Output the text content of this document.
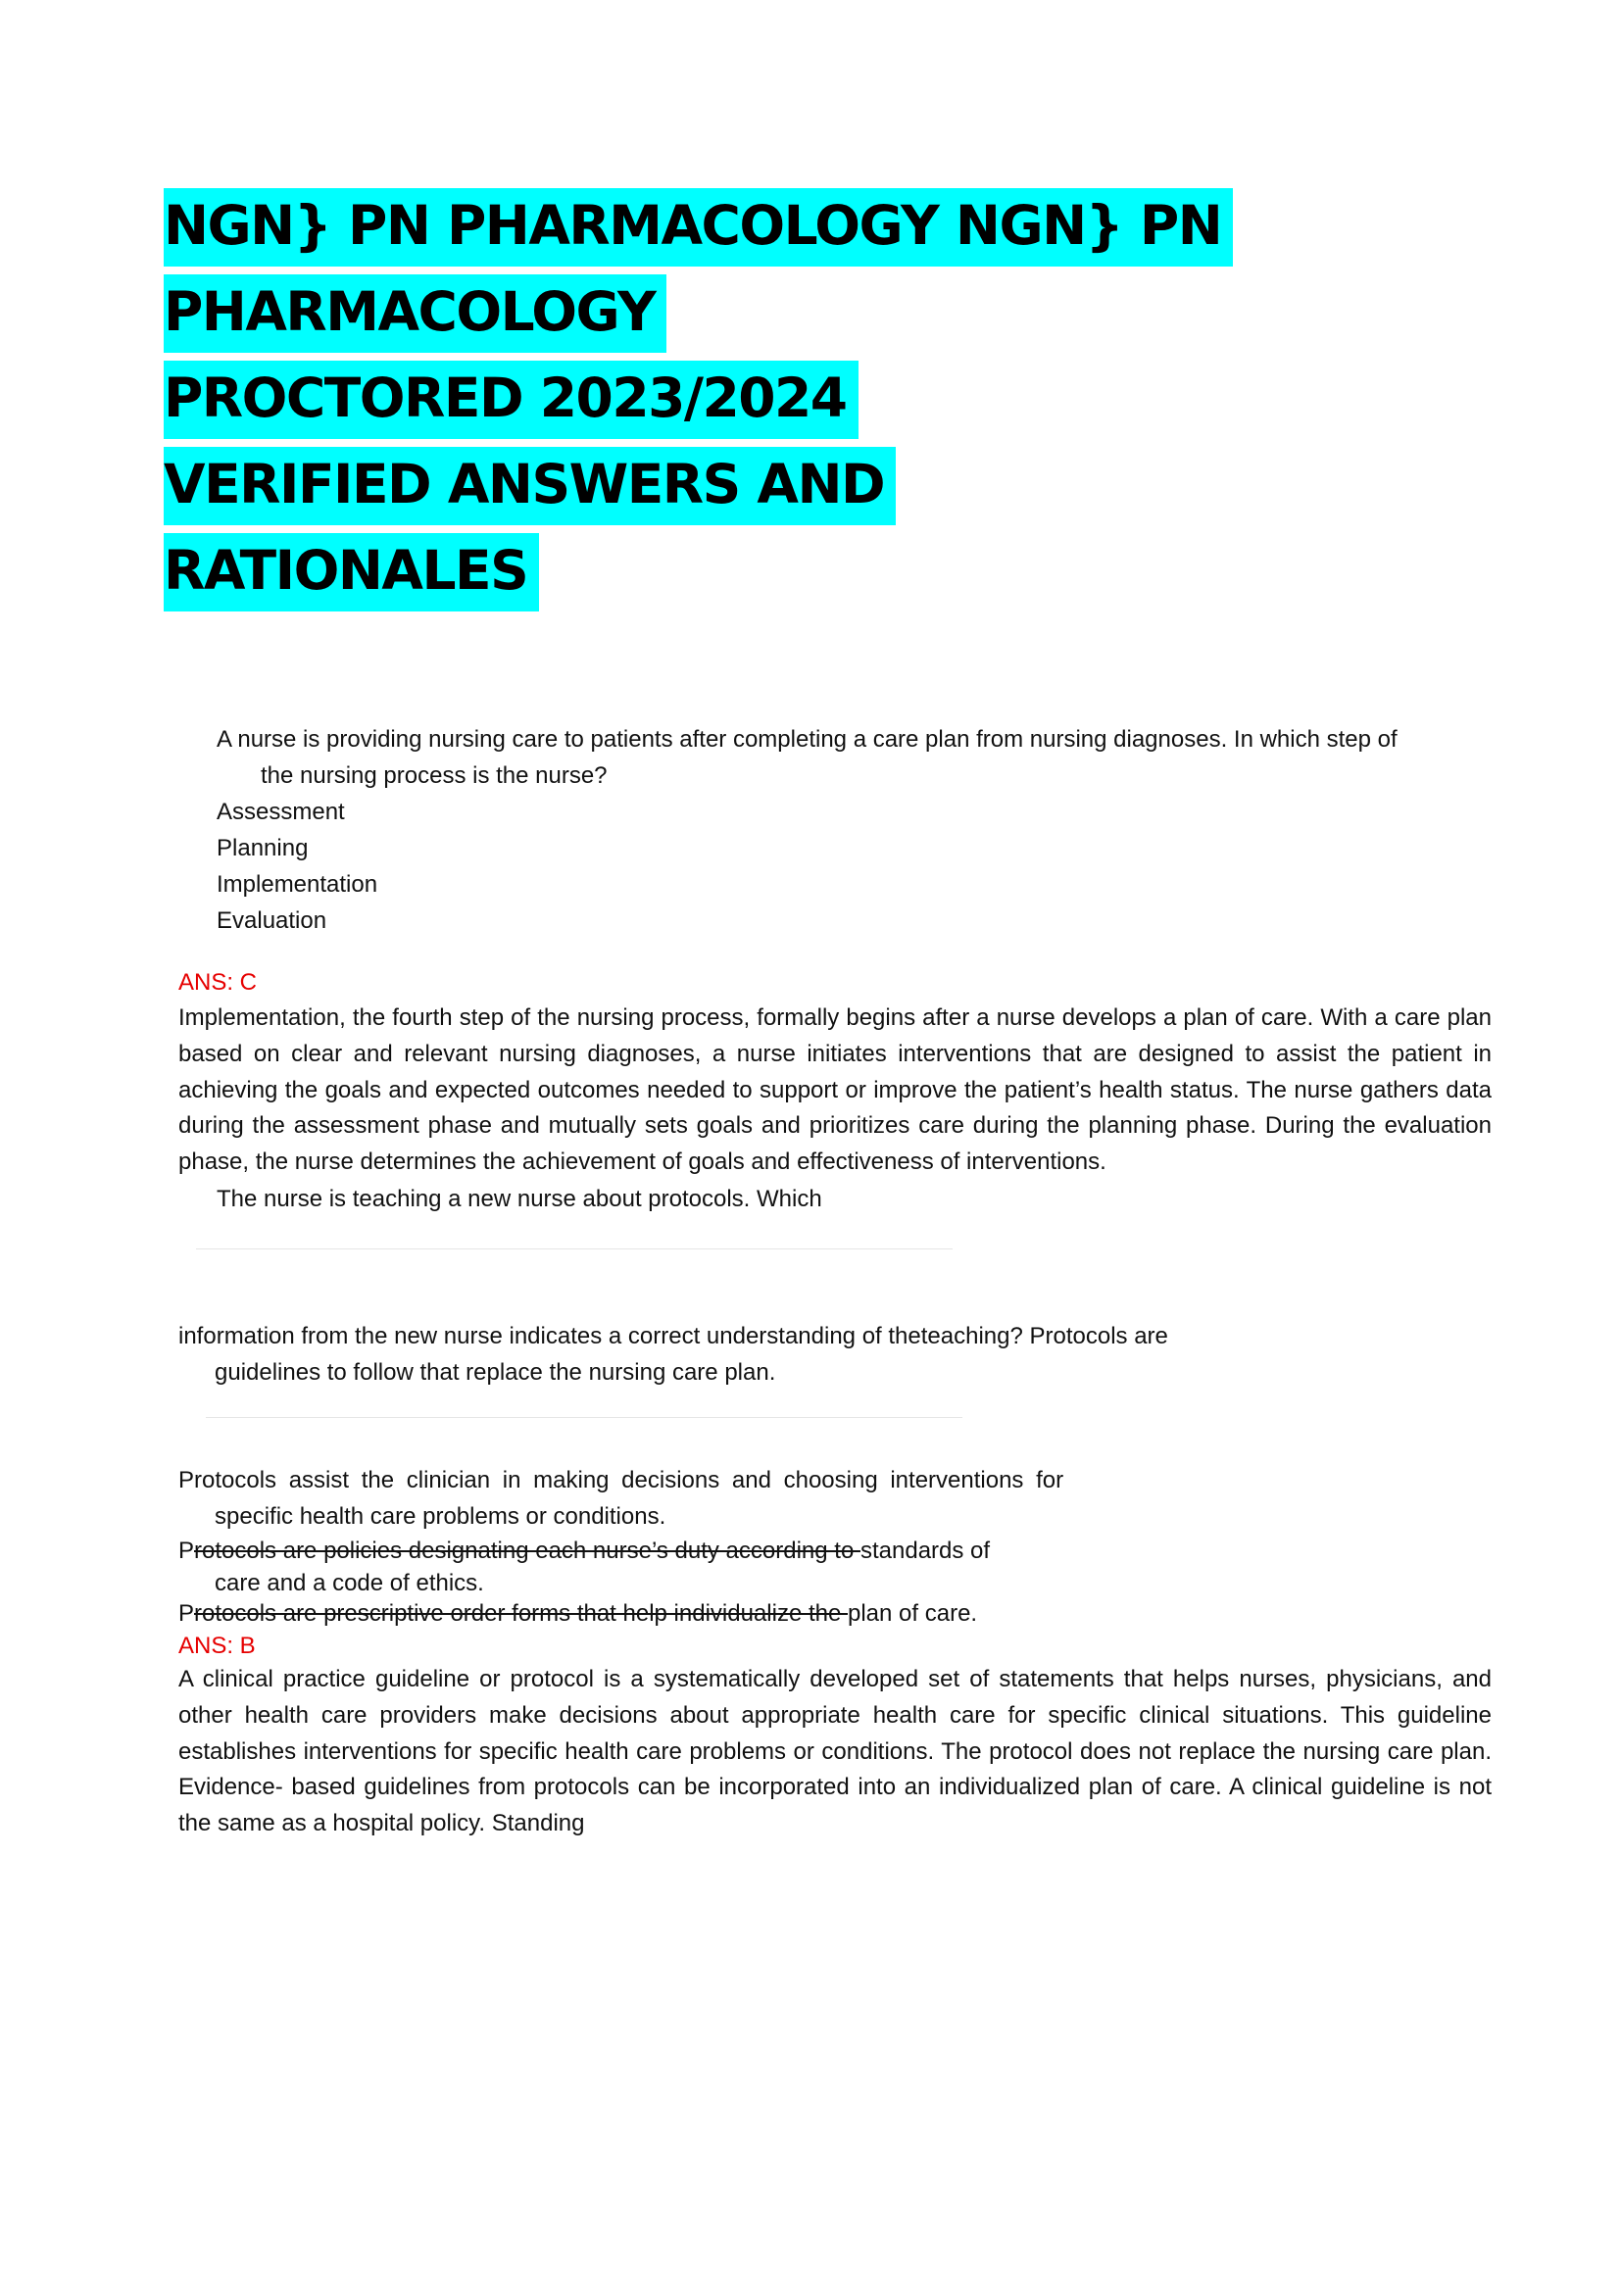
NGN} PN PHARMACOLOGY NGN} PN
PHARMACOLOGY
PROCTORED 2023/2024
VERIFIED ANSWERS AND
RATIONALES

A nurse is providing nursing care to patients after completing a care plan from nursing diagnoses. In which step of

the nursing process is the nurse?

Assessment

Planning

Implementation

Evaluation

ANS: C

Implementation, the fourth step of the nursing process, formally begins after a nurse develops a plan of care. With a care plan based on clear and relevant nursing diagnoses, a nurse initiates interventions that are designed to assist the patient in achieving the goals and expected outcomes needed to support or improve the patient’s health status. The nurse gathers data during the assessment phase and mutually sets goals and prioritizes care during the planning phase. During the evaluation phase, the nurse determines the achievement of goals and effectiveness of interventions.

The nurse is teaching a new nurse about protocols. Which

information from the new nurse indicates a correct understanding of theteaching? Protocols are

guidelines to follow that replace the nursing care plan.

Protocols assist the clinician in making decisions and choosing interventions for

specific health care problems or conditions.

Protocols are policies designating each nurse’s duty according to standards of

care and a code of ethics.

Protocols are prescriptive order forms that help individualize the plan of care.

ANS: B

A clinical practice guideline or protocol is a systematically developed set of statements that helps nurses, physicians, and other health care providers make decisions about appropriate health care for specific clinical situations. This guideline establishes interventions for specific health care problems or conditions. The protocol does not replace the nursing care plan. Evidence- based guidelines from protocols can be incorporated into an individualized plan of care. A clinical guideline is not the same as a hospital policy. Standing
